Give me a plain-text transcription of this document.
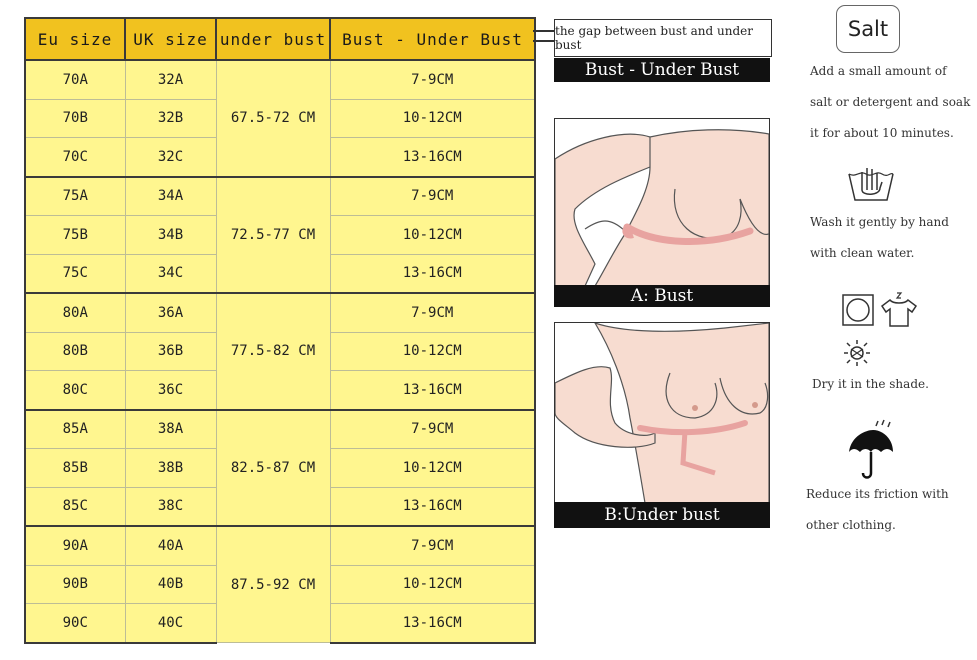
Eu size	UK size	under bust	Bust - Under Bust
70A	32A	67.5-72 CM	7-9CM
70B	32B		10-12CM
70C	32C		13-16CM
75A	34A	72.5-77 CM	7-9CM
75B	34B		10-12CM
75C	34C		13-16CM
80A	36A	77.5-82 CM	7-9CM
80B	36B		10-12CM
80C	36C		13-16CM
85A	38A	82.5-87 CM	7-9CM
85B	38B		10-12CM
85C	38C		13-16CM
90A	40A	87.5-92 CM	7-9CM
90B	40B		10-12CM
90C	40C		13-16CM
the gap between bust and under bust
Bust - Under Bust
A: Bust
B:Under bust
Salt
Add a small amount of
salt or detergent and soak
it for about 10 minutes.
Wash it gently by hand
with clean water.
Dry it in the shade.
Reduce its friction with
other clothing.
